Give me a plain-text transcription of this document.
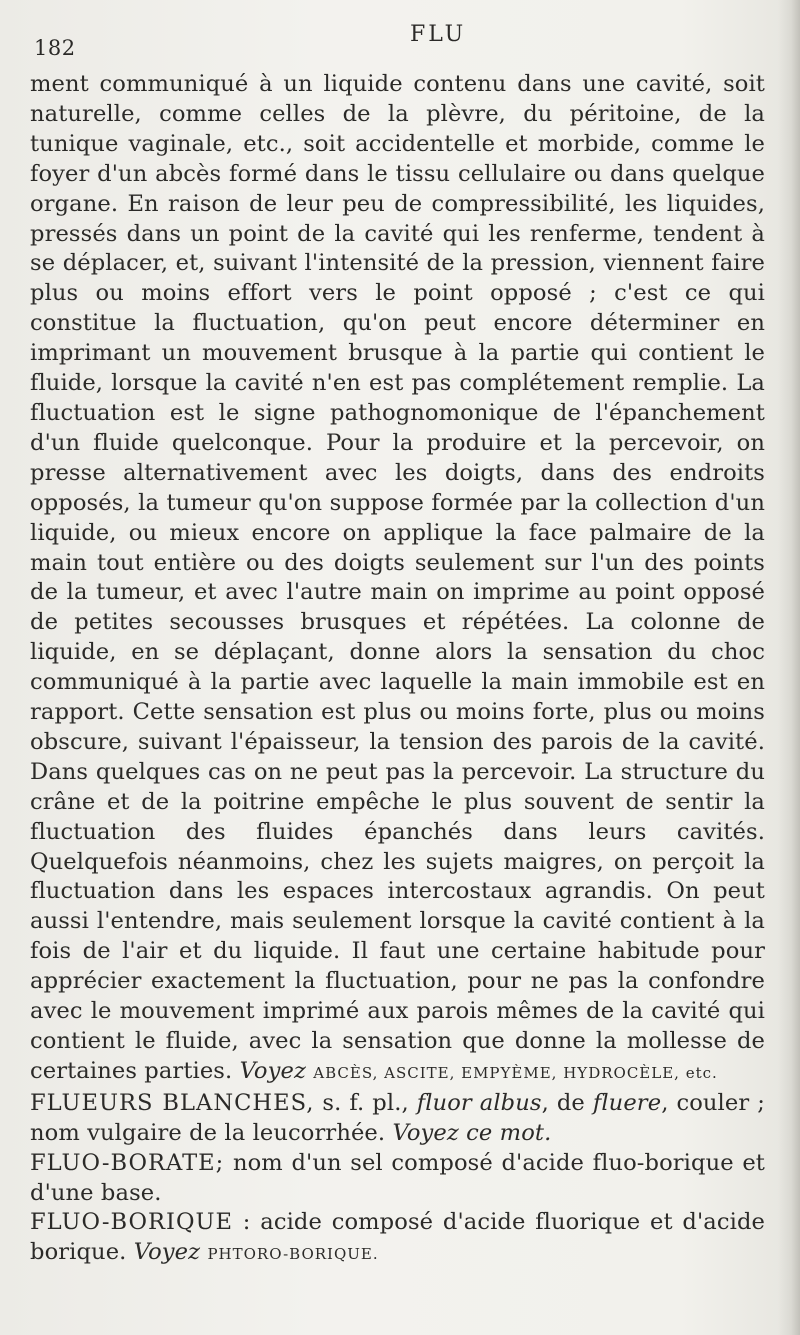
182
FLU

ment communiqué à un liquide contenu dans une cavité, soit naturelle, comme celles de la plèvre, du péritoine, de la tunique vaginale, etc., soit accidentelle et morbide, comme le foyer d'un abcès formé dans le tissu cellulaire ou dans quelque organe. En raison de leur peu de compressibilité, les liquides, pressés dans un point de la cavité qui les renferme, tendent à se déplacer, et, suivant l'intensité de la pression, viennent faire plus ou moins effort vers le point opposé ; c'est ce qui constitue la fluctuation, qu'on peut encore déterminer en imprimant un mouvement brusque à la partie qui contient le fluide, lorsque la cavité n'en est pas complétement remplie. La fluctuation est le signe pathognomonique de l'épanchement d'un fluide quelconque. Pour la produire et la percevoir, on presse alternativement avec les doigts, dans des endroits opposés, la tumeur qu'on suppose formée par la collection d'un liquide, ou mieux encore on applique la face palmaire de la main tout entière ou des doigts seulement sur l'un des points de la tumeur, et avec l'autre main on imprime au point opposé de petites secousses brusques et répétées. La colonne de liquide, en se déplaçant, donne alors la sensation du choc communiqué à la partie avec laquelle la main immobile est en rapport. Cette sensation est plus ou moins forte, plus ou moins obscure, suivant l'épaisseur, la tension des parois de la cavité. Dans quelques cas on ne peut pas la percevoir. La structure du crâne et de la poitrine empêche le plus souvent de sentir la fluctuation des fluides épanchés dans leurs cavités. Quelquefois néanmoins, chez les sujets maigres, on perçoit la fluctuation dans les espaces intercostaux agrandis. On peut aussi l'entendre, mais seulement lorsque la cavité contient à la fois de l'air et du liquide. Il faut une certaine habitude pour apprécier exactement la fluctuation, pour ne pas la confondre avec le mouvement imprimé aux parois mêmes de la cavité qui contient le fluide, avec la sensation que donne la mollesse de certaines parties. Voyez ABCÈS, ASCITE, EMPYÈME, HYDROCÈLE, etc.

FLUEURS BLANCHES, s. f. pl., fluor albus, de fluere, couler ; nom vulgaire de la leucorrhée. Voyez ce mot.

FLUO-BORATE; nom d'un sel composé d'acide fluo-borique et d'une base.

FLUO-BORIQUE : acide composé d'acide fluorique et d'acide borique. Voyez PHTORO-BORIQUE.
